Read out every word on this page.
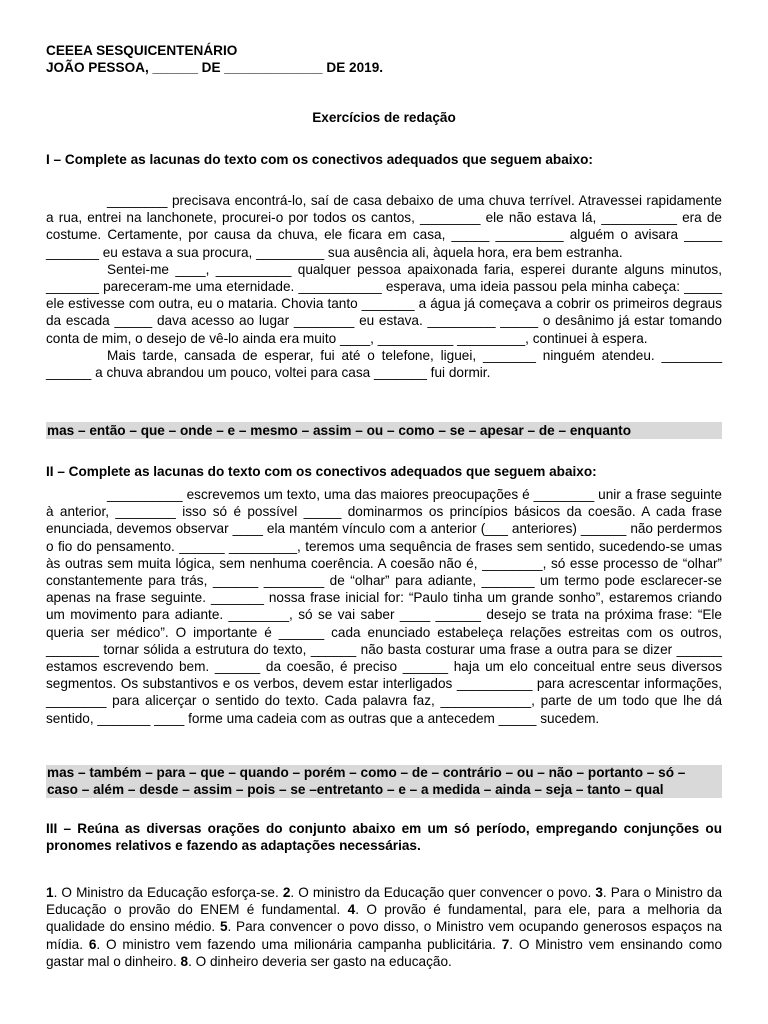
CEEEA SESQUICENTENÁRIO
JOÃO PESSOA, ______ DE _____________ DE 2019.
Exercícios de redação
I – Complete as lacunas do texto com os conectivos adequados que seguem abaixo:

________ precisava encontrá-lo, saí de casa debaixo de uma chuva terrível. Atravessei rapidamente a rua, entrei na lanchonete, procurei-o por todos os cantos, ________ ele não estava lá, __________ era de costume. Certamente, por causa da chuva, ele ficara em casa, _____ _________ alguém o avisara _____ _______ eu estava a sua procura, _________ sua ausência ali, àquela hora, era bem estranha.

Sentei-me ____, __________ qualquer pessoa apaixonada faria, esperei durante alguns minutos, _______ pareceram-me uma eternidade. ___________ esperava, uma ideia passou pela minha cabeça: _____ ele estivesse com outra, eu o mataria. Chovia tanto _______ a água já começava a cobrir os primeiros degraus da escada _____ dava acesso ao lugar ________ eu estava. _________ _____ o desânimo já estar tomando conta de mim, o desejo de vê-lo ainda era muito ____, __________ _________, continuei à espera.

Mais tarde, cansada de esperar, fui até o telefone, liguei, _______ ninguém atendeu. ________ ______ a chuva abrandou um pouco, voltei para casa _______ fui dormir.

mas – então – que – onde – e – mesmo – assim – ou – como – se – apesar – de – enquanto
II – Complete as lacunas do texto com os conectivos adequados que seguem abaixo:

__________ escrevemos um texto, uma das maiores preocupações é ________ unir a frase seguinte à anterior, ________ isso só é possível _____ dominarmos os princípios básicos da coesão. A cada frase enunciada, devemos observar ____ ela mantém vínculo com a anterior (___ anteriores) ______ não perdermos o fio do pensamento. ______ _________, teremos uma sequência de frases sem sentido, sucedendo-se umas às outras sem muita lógica, sem nenhuma coerência. A coesão não é, ________, só esse processo de “olhar” constantemente para trás, ______ ________ de “olhar” para adiante, _______ um termo pode esclarecer-se apenas na frase seguinte. _______ nossa frase inicial for: “Paulo tinha um grande sonho”, estaremos criando um movimento para adiante. ________, só se vai saber ____ ______ desejo se trata na próxima frase: “Ele queria ser médico”. O importante é ______ cada enunciado estabeleça relações estreitas com os outros, _______ tornar sólida a estrutura do texto, ______ não basta costurar uma frase a outra para se dizer ______ estamos escrevendo bem. ______ da coesão, é preciso ______ haja um elo conceitual entre seus diversos segmentos. Os substantivos e os verbos, devem estar interligados __________ para acrescentar informações, ________ para alicerçar o sentido do texto. Cada palavra faz, ____________, parte de um todo que lhe dá sentido, _______ ____ forme uma cadeia com as outras que a antecedem _____ sucedem.

mas – também – para – que – quando – porém – como – de – contrário – ou – não – portanto – só –
caso – além – desde – assim – pois – se –entretanto – e – a medida – ainda – seja – tanto – qual
III – Reúna as diversas orações do conjunto abaixo em um só período, empregando conjunções ou pronomes relativos e fazendo as adaptações necessárias.

1. O Ministro da Educação esforça-se. 2. O ministro da Educação quer convencer o povo. 3. Para o Ministro da Educação o provão do ENEM é fundamental. 4. O provão é fundamental, para ele, para a melhoria da qualidade do ensino médio. 5. Para convencer o povo disso, o Ministro vem ocupando generosos espaços na mídia. 6. O ministro vem fazendo uma milionária campanha publicitária. 7. O Ministro vem ensinando como gastar mal o dinheiro. 8. O dinheiro deveria ser gasto na educação.
